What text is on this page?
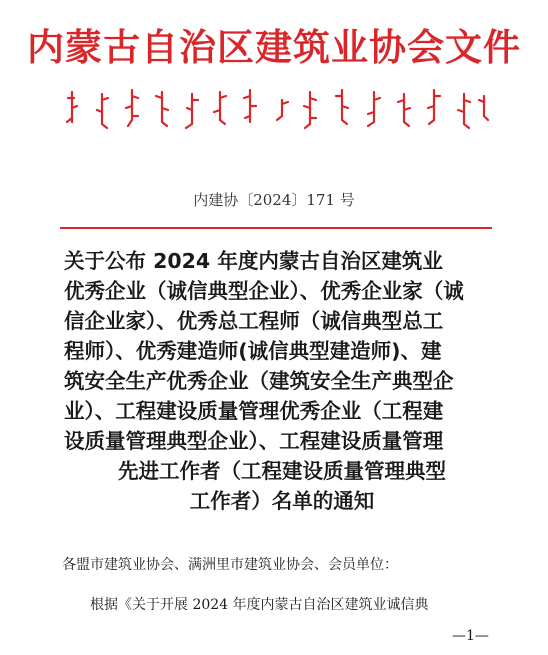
内蒙古自治区建筑业协会文件
内建协〔2024〕171 号
关于公布 2024 年度内蒙古自治区建筑业
优秀企业（诚信典型企业）、优秀企业家（诚
信企业家）、优秀总工程师（诚信典型总工
程师）、优秀建造师(诚信典型建造师)、建
筑安全生产优秀企业（建筑安全生产典型企
业）、工程建设质量管理优秀企业（工程建
设质量管理典型企业）、工程建设质量管理
先进工作者（工程建设质量管理典型
工作者）名单的通知
各盟市建筑业协会、满洲里市建筑业协会、会员单位：
根据《关于开展 2024 年度内蒙古自治区建筑业诚信典
—1—
